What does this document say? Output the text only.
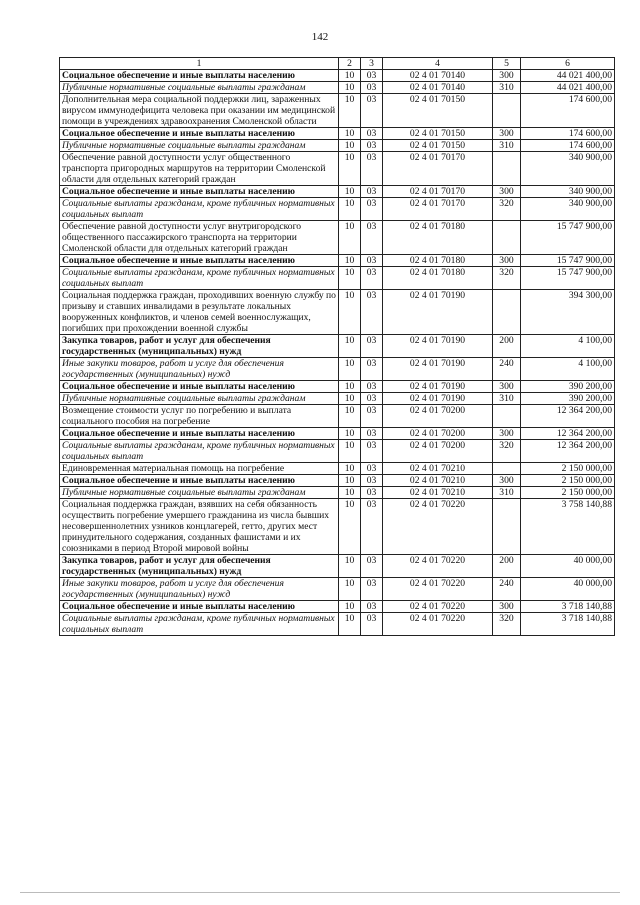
142
1	2	3	4	5	6
Социальное обеспечение и иные выплаты населению	10	03	02 4 01 70140	300	44 021 400,00
Публичные нормативные социальные выплаты гражданам	10	03	02 4 01 70140	310	44 021 400,00
Дополнительная мера социальной поддержки лиц, зараженных вирусом иммунодефицита человека при оказании им медицинской помощи в учреждениях здравоохранения Смоленской области	10	03	02 4 01 70150		174 600,00
Социальное обеспечение и иные выплаты населению	10	03	02 4 01 70150	300	174 600,00
Публичные нормативные социальные выплаты гражданам	10	03	02 4 01 70150	310	174 600,00
Обеспечение равной доступности услуг общественного транспорта пригородных маршрутов на территории Смоленской области для отдельных категорий граждан	10	03	02 4 01 70170		340 900,00
Социальное обеспечение и иные выплаты населению	10	03	02 4 01 70170	300	340 900,00
Социальные выплаты гражданам, кроме публичных нормативных социальных выплат	10	03	02 4 01 70170	320	340 900,00
Обеспечение равной доступности услуг внутригородского общественного пассажирского транспорта на территории Смоленской области для отдельных категорий граждан	10	03	02 4 01 70180		15 747 900,00
Социальное обеспечение и иные выплаты населению	10	03	02 4 01 70180	300	15 747 900,00
Социальные выплаты гражданам, кроме публичных нормативных социальных выплат	10	03	02 4 01 70180	320	15 747 900,00
Социальная поддержка граждан, проходивших военную службу по призыву и ставших инвалидами в результате локальных вооруженных конфликтов, и членов семей военнослужащих, погибших при прохождении военной службы	10	03	02 4 01 70190		394 300,00
Закупка товаров, работ и услуг для обеспечения государственных (муниципальных) нужд	10	03	02 4 01 70190	200	4 100,00
Иные закупки товаров, работ и услуг для обеспечения государственных (муниципальных) нужд	10	03	02 4 01 70190	240	4 100,00
Социальное обеспечение и иные выплаты населению	10	03	02 4 01 70190	300	390 200,00
Публичные нормативные социальные выплаты гражданам	10	03	02 4 01 70190	310	390 200,00
Возмещение стоимости услуг по погребению и выплата социального пособия на погребение	10	03	02 4 01 70200		12 364 200,00
Социальное обеспечение и иные выплаты населению	10	03	02 4 01 70200	300	12 364 200,00
Социальные выплаты гражданам, кроме публичных нормативных социальных выплат	10	03	02 4 01 70200	320	12 364 200,00
Единовременная материальная помощь на погребение	10	03	02 4 01 70210		2 150 000,00
Социальное обеспечение и иные выплаты населению	10	03	02 4 01 70210	300	2 150 000,00
Публичные нормативные социальные выплаты гражданам	10	03	02 4 01 70210	310	2 150 000,00
Социальная поддержка граждан, взявших на себя обязанность осуществить погребение умершего гражданина из числа бывших несовершеннолетних узников концлагерей, гетто, других мест принудительного содержания, созданных фашистами и их союзниками в период Второй мировой войны	10	03	02 4 01 70220		3 758 140,88
Закупка товаров, работ и услуг для обеспечения государственных (муниципальных) нужд	10	03	02 4 01 70220	200	40 000,00
Иные закупки товаров, работ и услуг для обеспечения государственных (муниципальных) нужд	10	03	02 4 01 70220	240	40 000,00
Социальное обеспечение и иные выплаты населению	10	03	02 4 01 70220	300	3 718 140,88
Социальные выплаты гражданам, кроме публичных нормативных социальных выплат	10	03	02 4 01 70220	320	3 718 140,88
